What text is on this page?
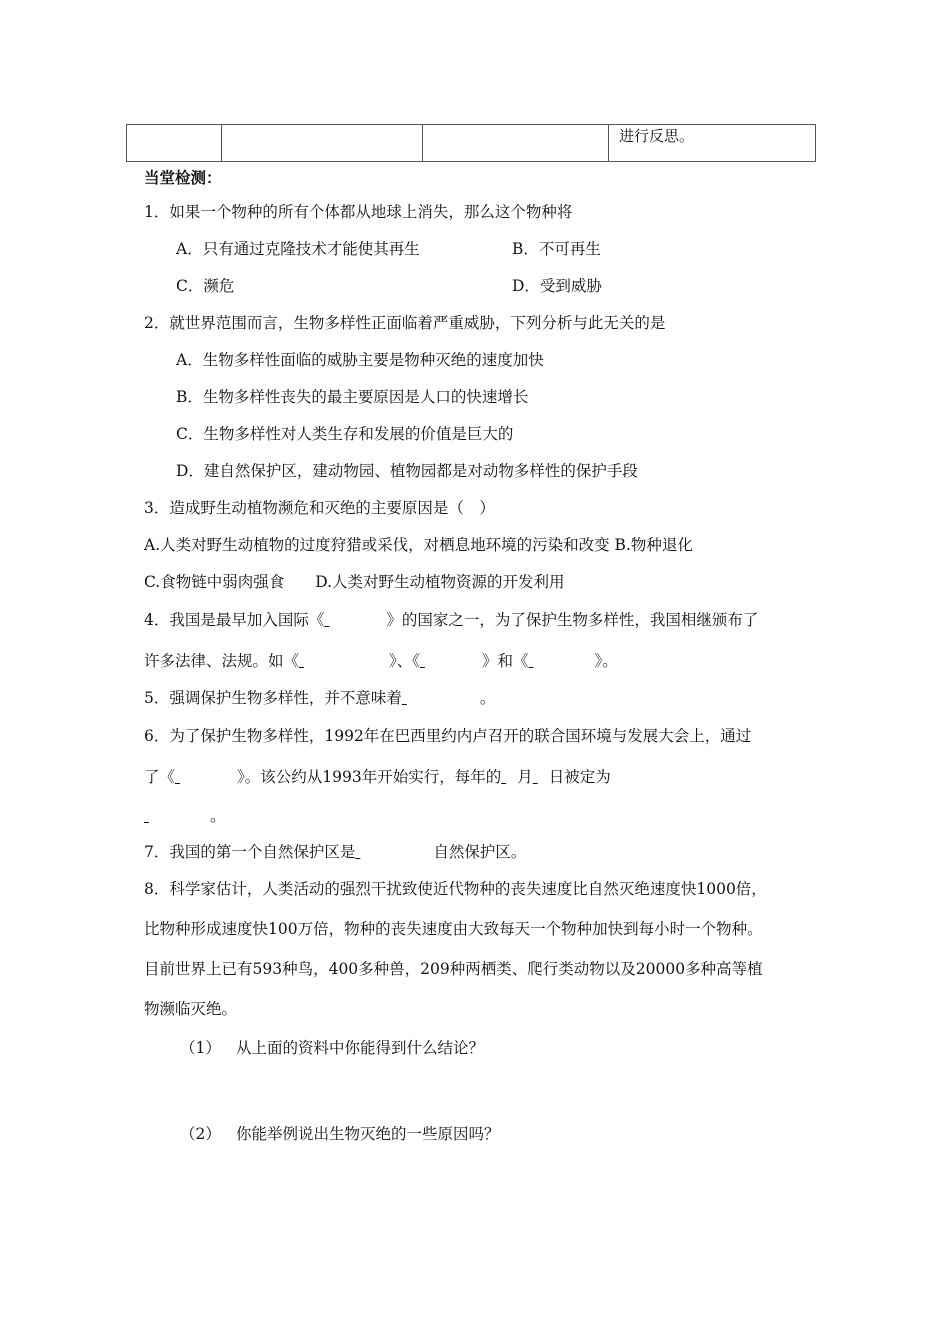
			进行反思。
当堂检测：
1．如果一个物种的所有个体都从地球上消失，那么这个物种将
A．只有通过克隆技术才能使其再生	B．不可再生
C．濒危	D．受到威胁
2．就世界范围而言，生物多样性正面临着严重威胁，下列分析与此无关的是
A．生物多样性面临的威胁主要是物种灭绝的速度加快
B．生物多样性丧失的最主要原因是人口的快速增长
C．生物多样性对人类生存和发展的价值是巨大的
D．建自然保护区，建动物园、植物园都是对动物多样性的保护手段
3．造成野生动植物濒危和灭绝的主要原因是（　）
A.人类对野生动植物的过度狩猎或采伐，对栖息地环境的污染和改变 B.物种退化
C.食物链中弱肉强食　　D.人类对野生动植物资源的开发利用
4．我国是最早加入国际《	》的国家之一，为了保护生物多样性，我国相继颁布了
许多法律、法规。如《	》、《	》和《	》。
5．强调保护生物多样性，并不意味着	。
6．为了保护生物多样性，1992年在巴西里约内卢召开的联合国环境与发展大会上，通过
了《	》。该公约从1993年开始实行，每年的 月 日被定为
。
7．我国的第一个自然保护区是	自然保护区。
8．科学家估计，人类活动的强烈干扰致使近代物种的丧失速度比自然灭绝速度快1000倍，
比物种形成速度快100万倍，物种的丧失速度由大致每天一个物种加快到每小时一个物种。
目前世界上已有593种鸟，400多种兽，209种两栖类、爬行类动物以及20000多种高等植
物濒临灭绝。
（1） 从上面的资料中你能得到什么结论？
（2） 你能举例说出生物灭绝的一些原因吗？
